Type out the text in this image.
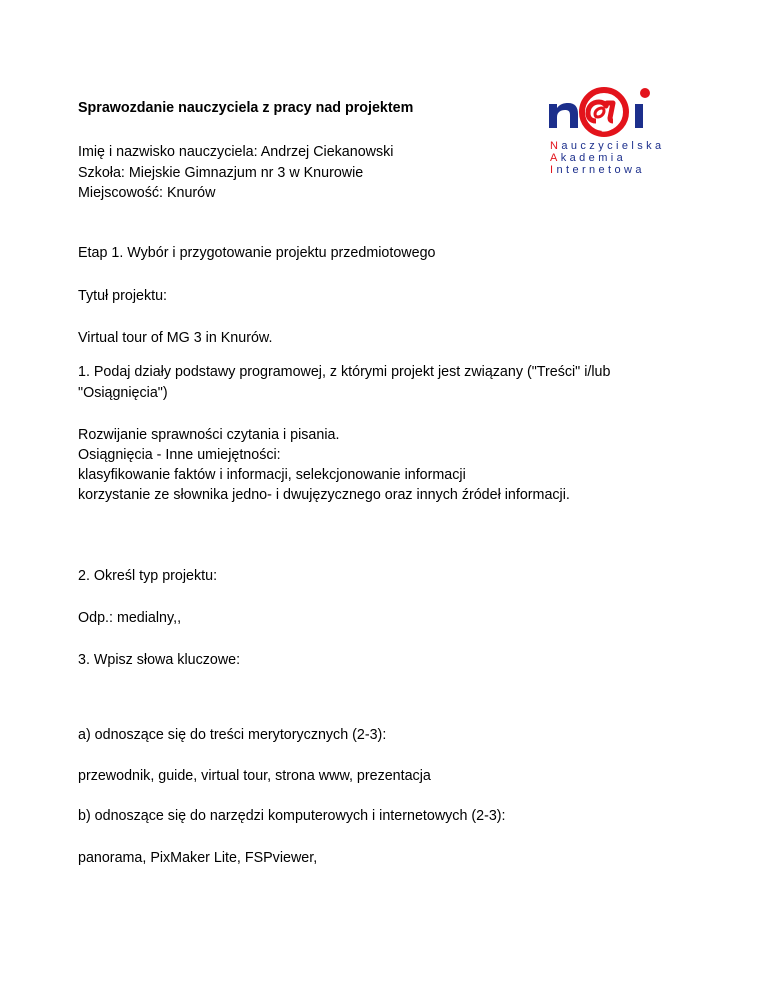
Sprawozdanie nauczyciela z pracy nad projektem

Imię i nazwisko nauczyciela: Andrzej Ciekanowski

Szkoła: Miejskie Gimnazjum nr 3 w Knurowie

Miejscowość: Knurów

Etap 1. Wybór i przygotowanie projektu przedmiotowego

Tytuł projektu:

Virtual tour of MG 3 in Knurów.

1. Podaj działy podstawy programowej, z którymi projekt jest związany ("Treści" i/lub

"Osiągnięcia")

Rozwijanie sprawności czytania i pisania.

Osiągnięcia - Inne umiejętności:

klasyfikowanie faktów i informacji, selekcjonowanie informacji

korzystanie ze słownika jedno- i dwujęzycznego oraz innych źródeł informacji.

2. Określ typ projektu:

Odp.: medialny,,

3. Wpisz słowa kluczowe:

a) odnoszące się do treści merytorycznych (2-3):

przewodnik, guide, virtual tour, strona www, prezentacja

b) odnoszące się do narzędzi komputerowych i internetowych (2-3):

panorama, PixMaker Lite, FSPviewer,

Nauczycielska

Akademia

Internetowa
